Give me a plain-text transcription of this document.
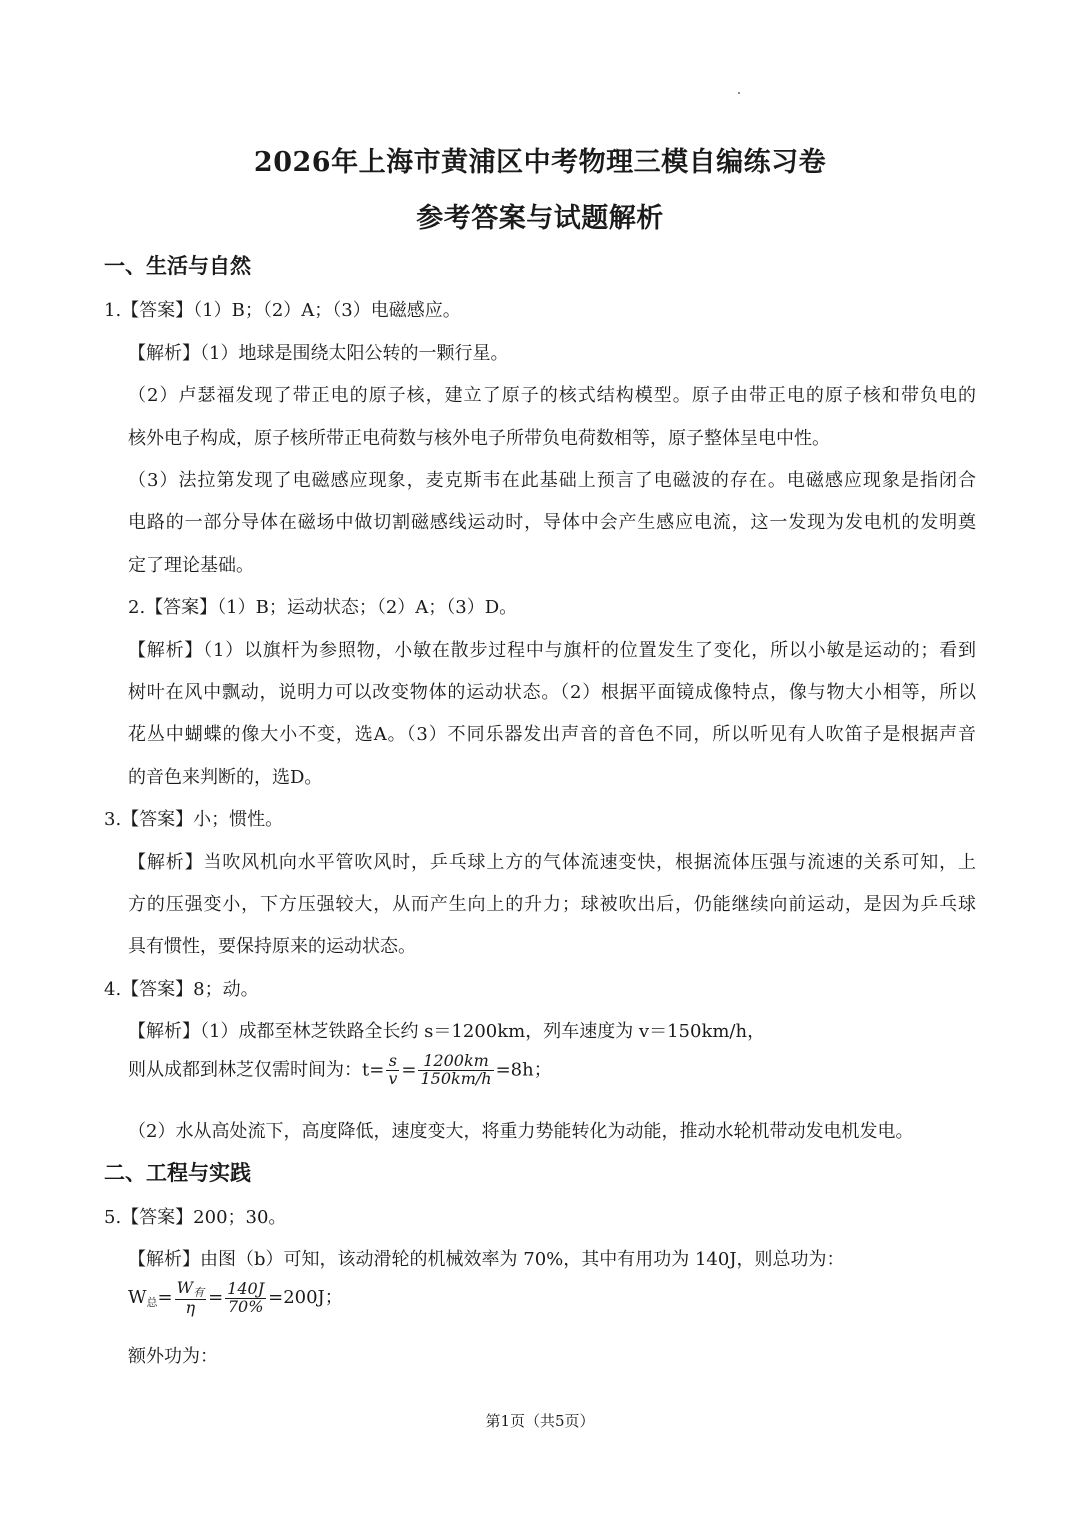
2026年上海市黄浦区中考物理三模自编练习卷
参考答案与试题解析
一、生活与自然
1.【答案】（1）B；（2）A；（3）电磁感应。
【解析】（1）地球是围绕太阳公转的一颗行星。
（2）卢瑟福发现了带正电的原子核，建立了原子的核式结构模型。原子由带正电的原子核和带负电的
核外电子构成，原子核所带正电荷数与核外电子所带负电荷数相等，原子整体呈电中性。
（3）法拉第发现了电磁感应现象，麦克斯韦在此基础上预言了电磁波的存在。电磁感应现象是指闭合
电路的一部分导体在磁场中做切割磁感线运动时，导体中会产生感应电流，这一发现为发电机的发明奠
定了理论基础。
2.【答案】（1）B；运动状态；（2）A；（3）D。
【解析】（1）以旗杆为参照物，小敏在散步过程中与旗杆的位置发生了变化，所以小敏是运动的；看到
树叶在风中飘动，说明力可以改变物体的运动状态。（2）根据平面镜成像特点，像与物大小相等，所以
花丛中蝴蝶的像大小不变，选A。（3）不同乐器发出声音的音色不同，所以听见有人吹笛子是根据声音
的音色来判断的，选D。
3.【答案】小；惯性。
【解析】当吹风机向水平管吹风时，乒乓球上方的气体流速变快，根据流体压强与流速的关系可知，上
方的压强变小，下方压强较大，从而产生向上的升力；球被吹出后，仍能继续向前运动，是因为乒乓球
具有惯性，要保持原来的运动状态。
4.【答案】8；动。
【解析】（1）成都至林芝铁路全长约 s＝1200km，列车速度为 v＝150km/h，
则从成都到林芝仅需时间为：$t= \frac{s}{v} = \frac{1200km}{150km/h} =8h$；
（2）水从高处流下，高度降低，速度变大，将重力势能转化为动能，推动水轮机带动发电机发电。
二、工程与实践
5.【答案】200；30。
【解析】由图（b）可知，该动滑轮的机械效率为 70%，其中有用功为 140J，则总功为：
$W_总= \frac{W_有}{\eta} = \frac{140J}{70\%} =200J$；
额外功为：
第1页（共5页）
